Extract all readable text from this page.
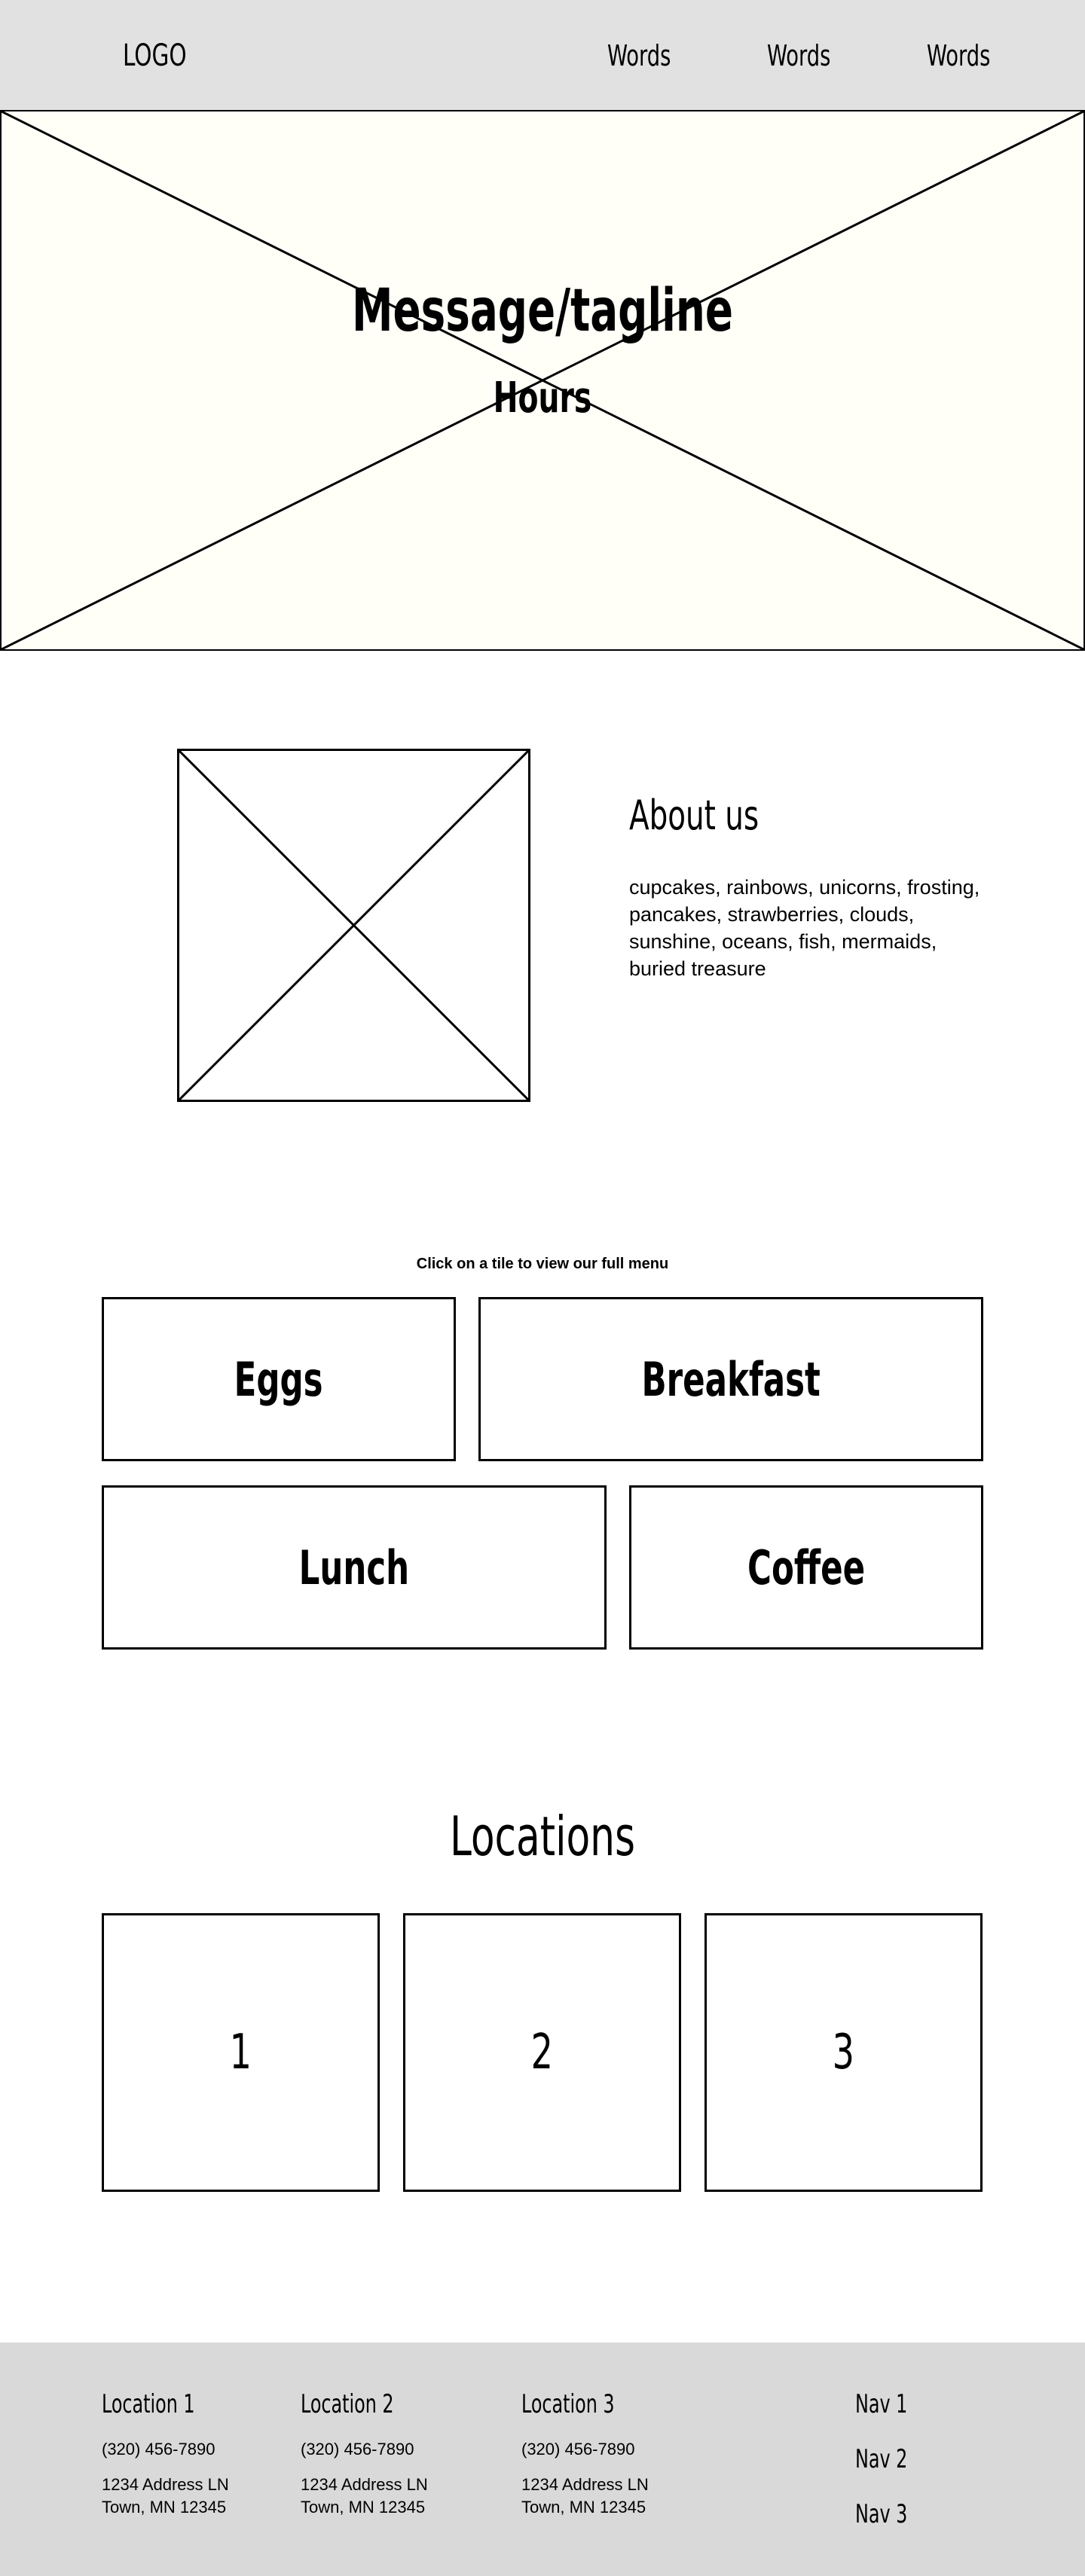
LOGO	Words	Words	Words
Message/tagline
Hours
About us
cupcakes, rainbows, unicorns, frosting, pancakes, strawberries, clouds, sunshine, oceans, fish, mermaids, buried treasure
Click on a tile to view our full menu
Eggs	Breakfast
Lunch	Coffee
Locations
1	2	3
Location 1
(320) 456-7890
1234 Address LN
Town, MN 12345
Location 2
(320) 456-7890
1234 Address LN
Town, MN 12345
Location 3
(320) 456-7890
1234 Address LN
Town, MN 12345
Nav 1
Nav 2
Nav 3
